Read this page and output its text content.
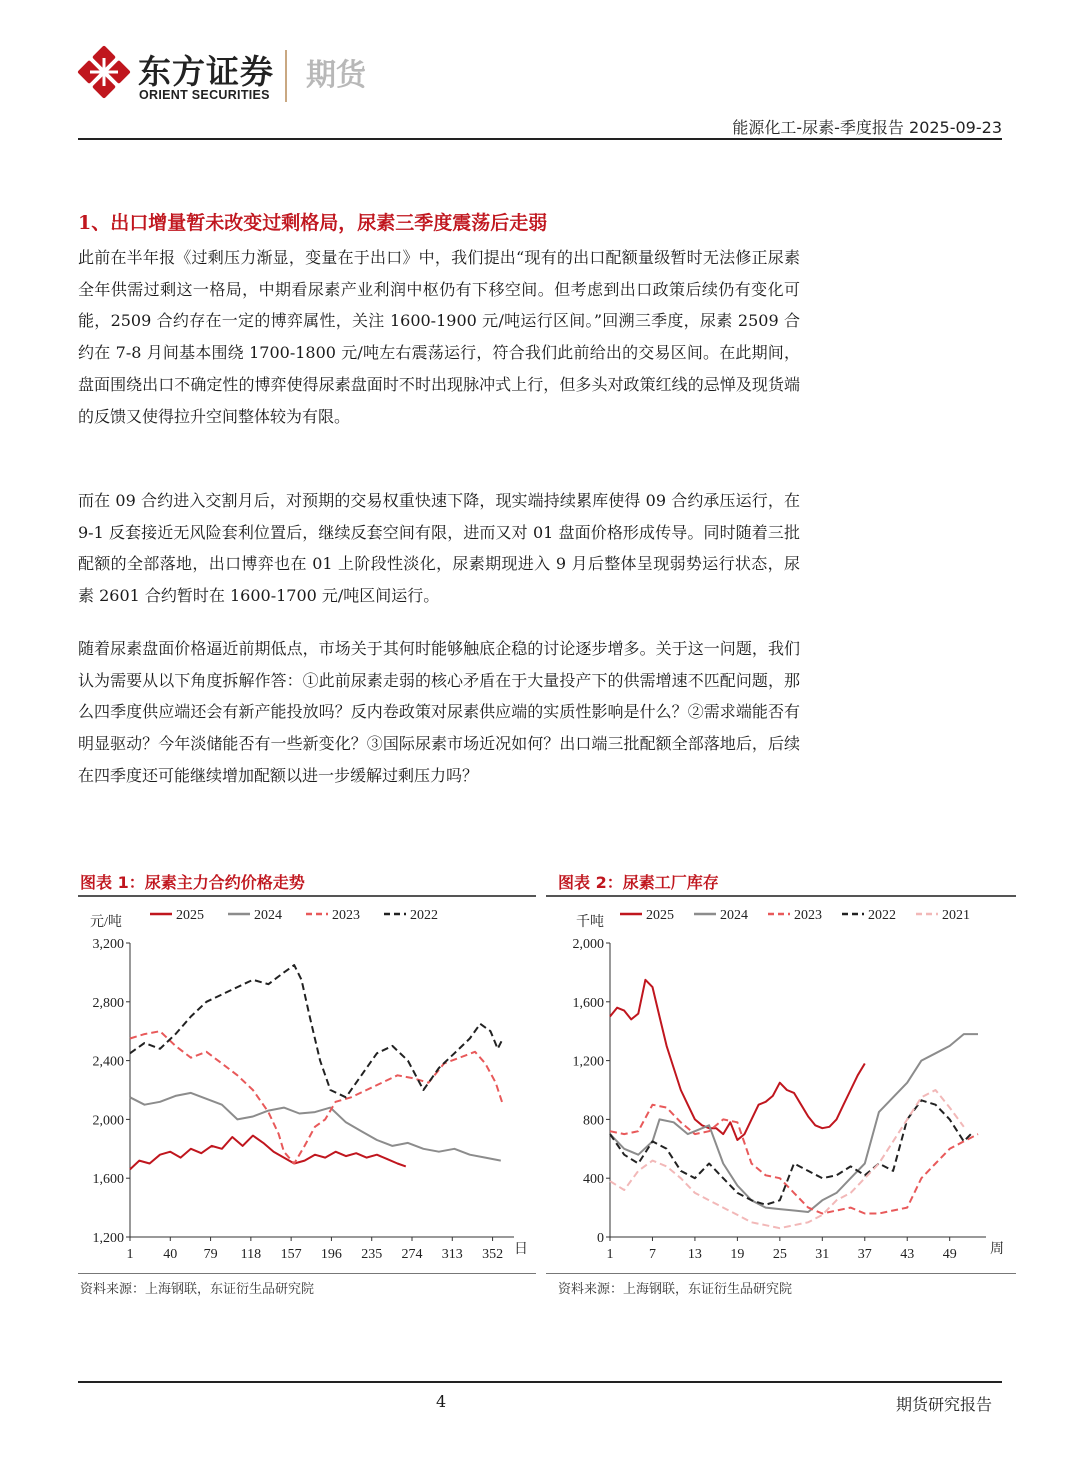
东方证券
ORIENT SECURITIES
期货
能源化工-尿素-季度报告 2025-09-23
1、出口增量暂未改变过剩格局，尿素三季度震荡后走弱
此前在半年报《过剩压力渐显，变量在于出口》中，我们提出“现有的出口配额量级暂时无法修正尿素全年供需过剩这一格局，中期看尿素产业利润中枢仍有下移空间。但考虑到出口政策后续仍有变化可能，2509 合约存在一定的博弈属性，关注 1600-1900 元/吨运行区间。”回溯三季度，尿素 2509 合约在 7-8 月间基本围绕 1700-1800 元/吨左右震荡运行，符合我们此前给出的交易区间。在此期间，盘面围绕出口不确定性的博弈使得尿素盘面时不时出现脉冲式上行，但多头对政策红线的忌惮及现货端的反馈又使得拉升空间整体较为有限。
而在 09 合约进入交割月后，对预期的交易权重快速下降，现实端持续累库使得 09 合约承压运行，在 9-1 反套接近无风险套利位置后，继续反套空间有限，进而又对 01 盘面价格形成传导。同时随着三批配额的全部落地，出口博弈也在 01 上阶段性淡化，尿素期现进入 9 月后整体呈现弱势运行状态，尿素 2601 合约暂时在 1600-1700 元/吨区间运行。
随着尿素盘面价格逼近前期低点，市场关于其何时能够触底企稳的讨论逐步增多。关于这一问题，我们认为需要从以下角度拆解作答：①此前尿素走弱的核心矛盾在于大量投产下的供需增速不匹配问题，那么四季度供应端还会有新产能投放吗？反内卷政策对尿素供应端的实质性影响是什么？②需求端能否有明显驱动？今年淡储能否有一些新变化？③国际尿素市场近况如何？出口端三批配额全部落地后，后续在四季度还可能继续增加配额以进一步缓解过剩压力吗？
图表 1：尿素主力合约价格走势
1,200
1,600
2,000
2,400
2,800
3,200
1 40 79 118 157 196 235 274 313 352
元/吨
日
2025	2024	2023	2022
资料来源：上海钢联，东证衍生品研究院
图表 2：尿素工厂库存
0
400
800
1,200
1,600
2,000
1	7 13 19 25 31 37 43 49
千吨
周
2025	2024	2023	2022	2021
资料来源：上海钢联，东证衍生品研究院
4	期货研究报告
